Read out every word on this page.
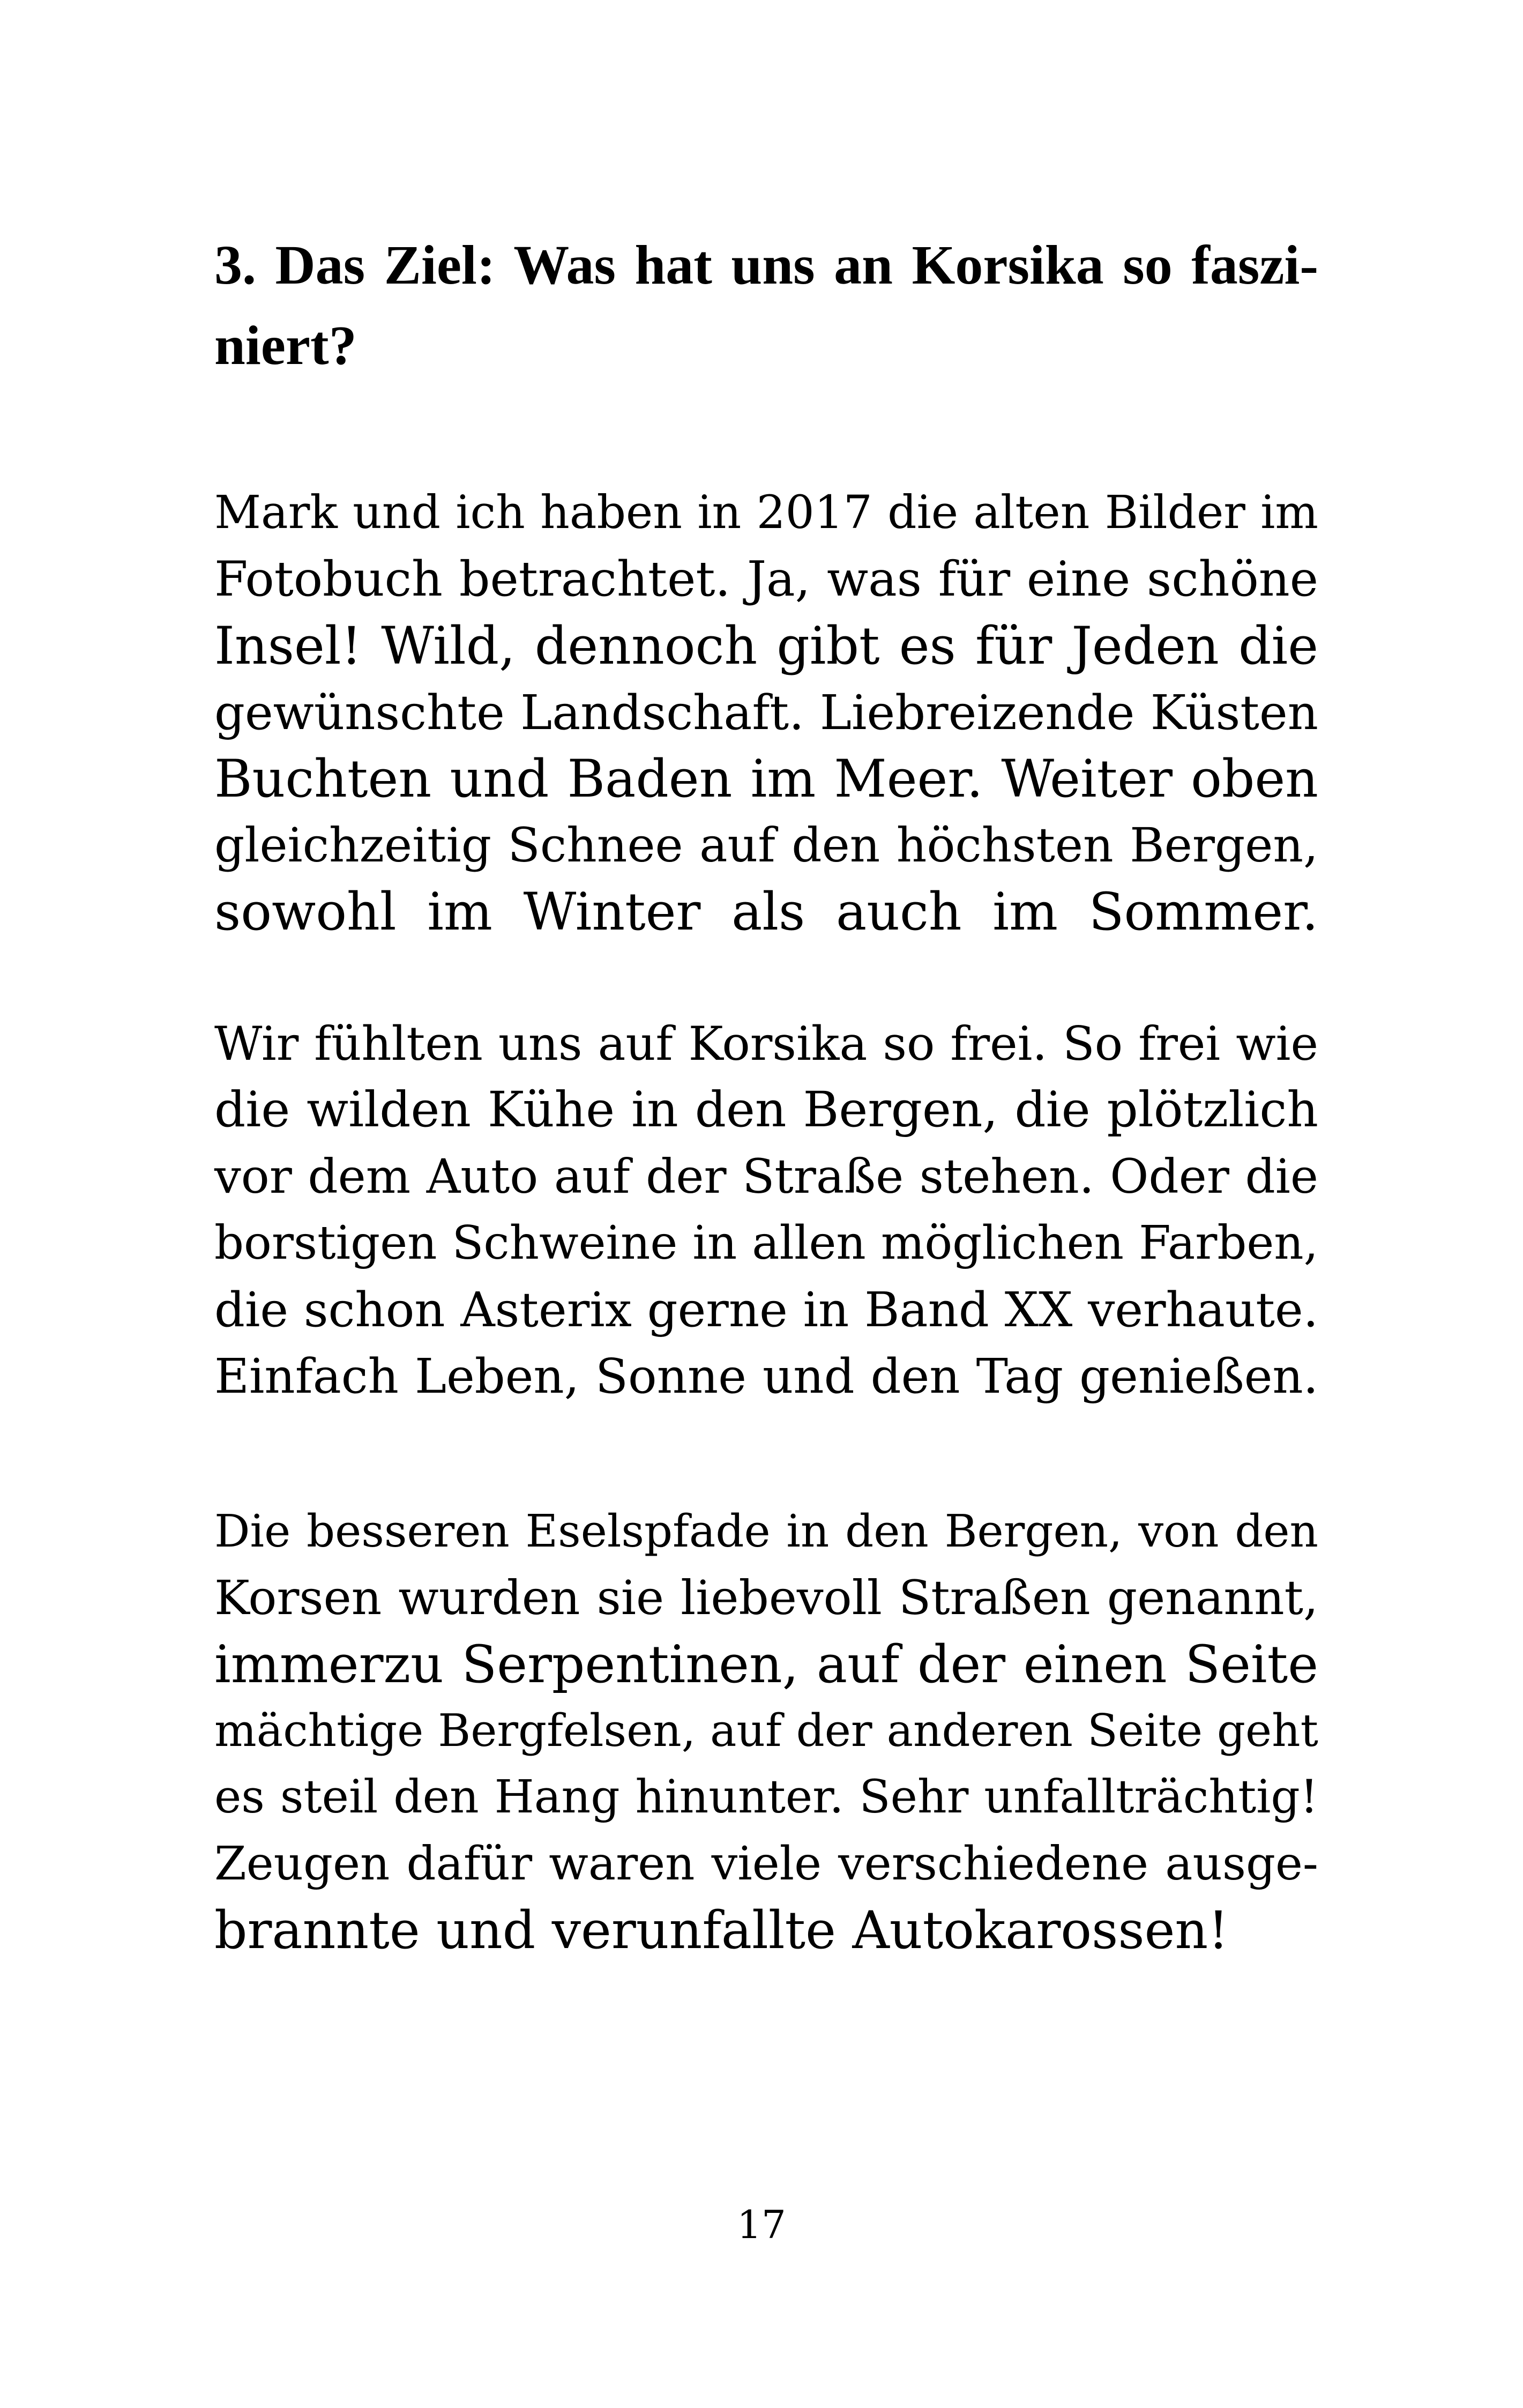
3. Das Ziel: Was hat uns an Korsika so faszi-
niert?
Mark und ich haben in 2017 die alten Bilder im
Fotobuch betrachtet. Ja, was für eine schöne
Insel! Wild, dennoch gibt es für Jeden die
gewünschte Landschaft. Liebreizende Küsten
Buchten und Baden im Meer. Weiter oben
gleichzeitig Schnee auf den höchsten Bergen,
sowohl im Winter als auch im Sommer.
Wir fühlten uns auf Korsika so frei. So frei wie
die wilden Kühe in den Bergen, die plötzlich
vor dem Auto auf der Straße stehen. Oder die
borstigen Schweine in allen möglichen Farben,
die schon Asterix gerne in Band XX verhaute.
Einfach Leben, Sonne und den Tag genießen.
Die besseren Eselspfade in den Bergen, von den
Korsen wurden sie liebevoll Straßen genannt,
immerzu Serpentinen, auf der einen Seite
mächtige Bergfelsen, auf der anderen Seite geht
es steil den Hang hinunter. Sehr unfallträchtig!
Zeugen dafür waren viele verschiedene ausge-
brannte und verunfallte Autokarossen!
17
